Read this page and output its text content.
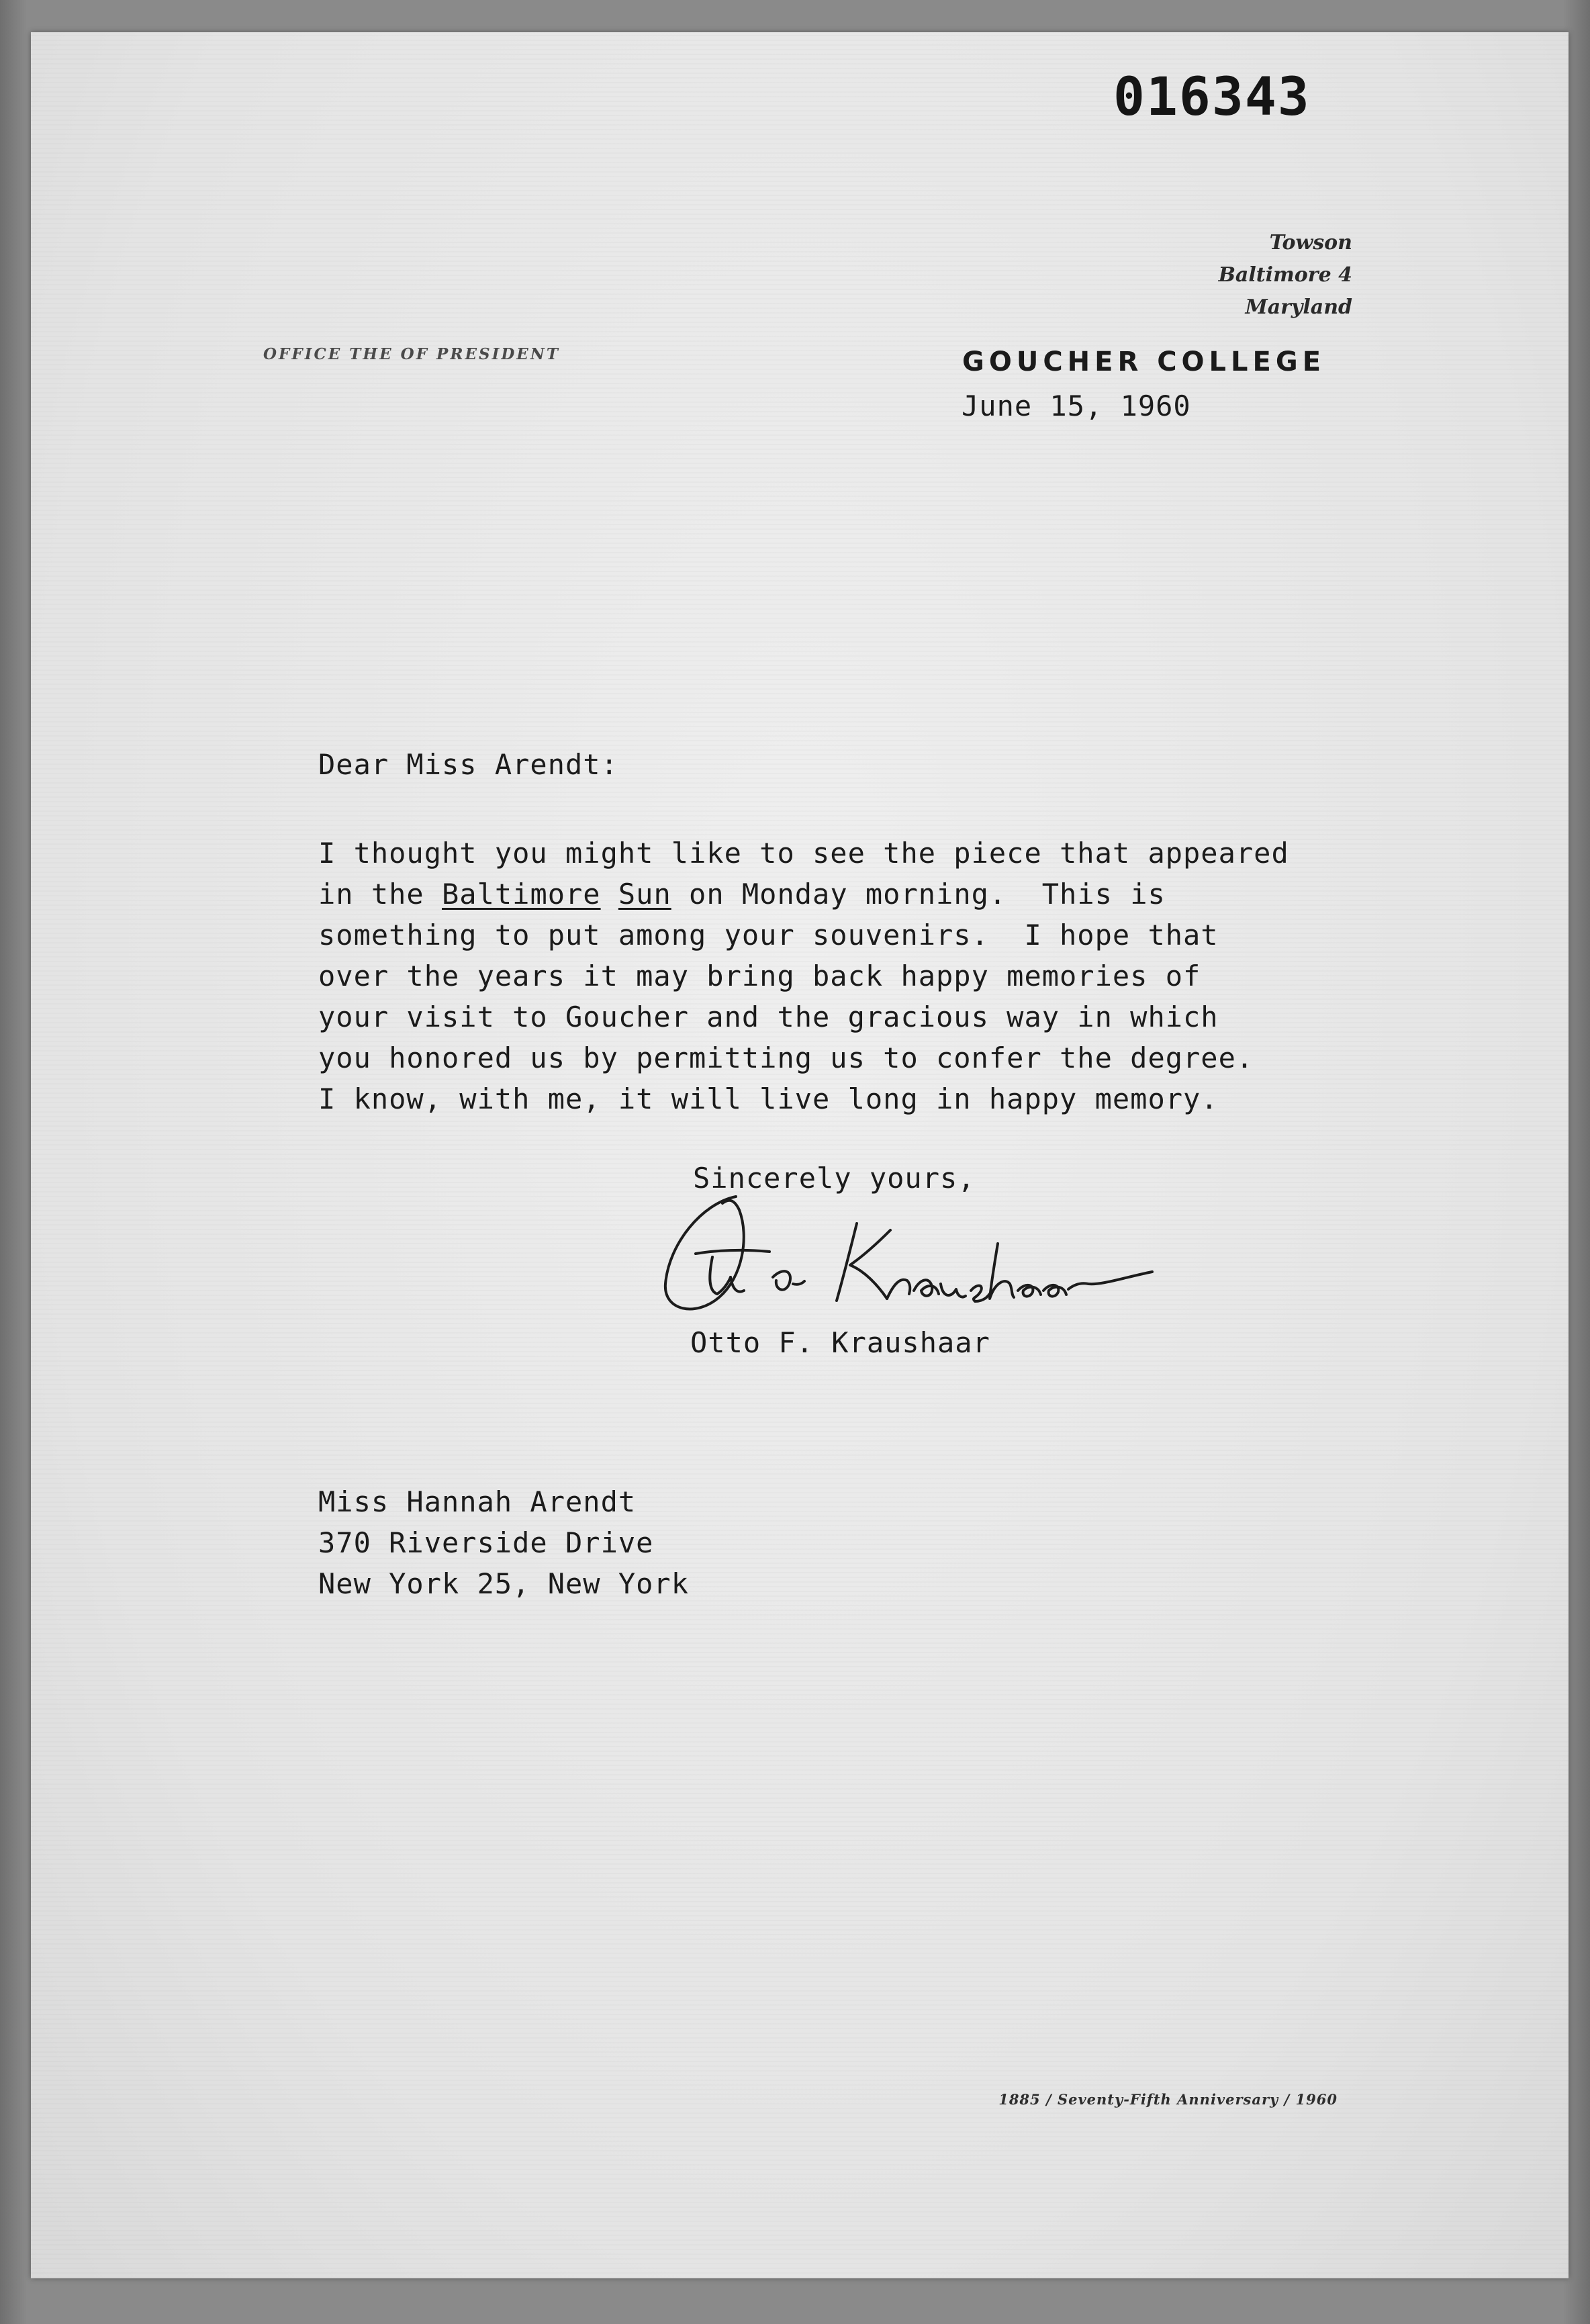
016343
Towson
Baltimore 4
Maryland
OFFICE THE OF PRESIDENT	GOUCHER COLLEGE
June 15, 1960
Dear Miss Arendt:
I thought you might like to see the piece that appeared
in the Baltimore Sun on Monday morning.  This is
something to put among your souvenirs.  I hope that
over the years it may bring back happy memories of
your visit to Goucher and the gracious way in which
you honored us by permitting us to confer the degree.
I know, with me, it will live long in happy memory.
Sincerely yours,
Otto F. Kraushaar
Miss Hannah Arendt
370 Riverside Drive
New York 25, New York
1885 / Seventy-Fifth Anniversary / 1960
